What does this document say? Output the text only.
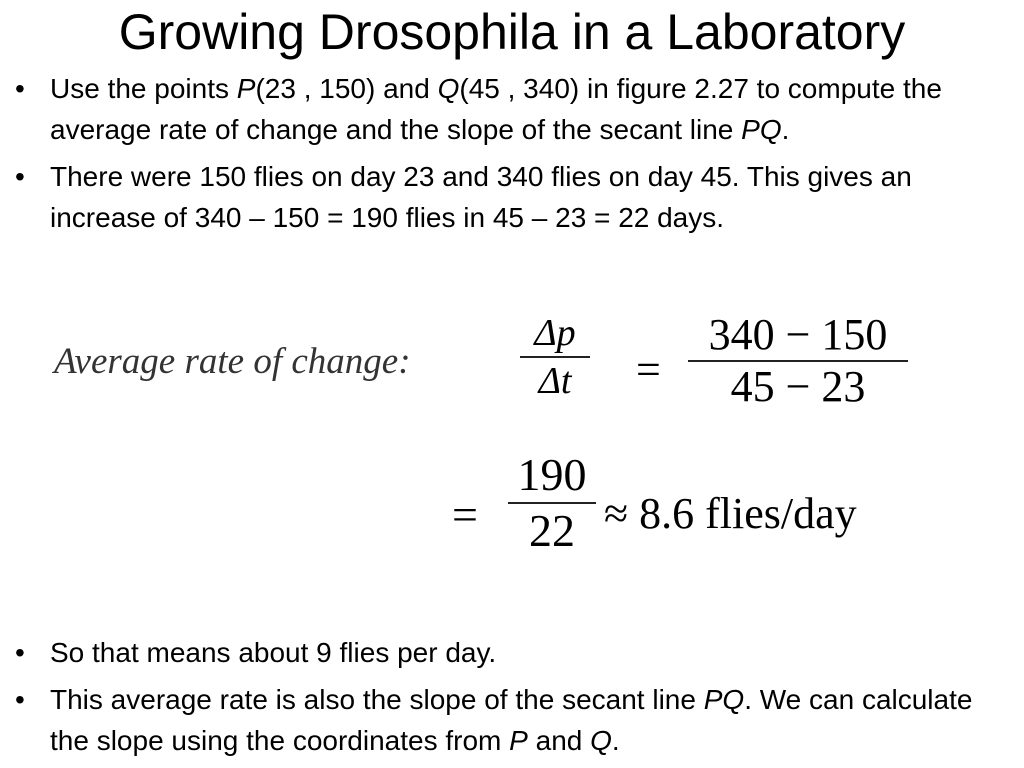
Growing Drosophila in a Laboratory
• Use the points P(23 , 150) and Q(45 , 340) in figure 2.27 to compute the average rate of change and the slope of the secant line PQ.
• There were 150 flies on day 23 and 340 flies on day 45. This gives an increase of 340 – 150 = 190 flies in 45 – 23 = 22 days.
Average rate of change:
Δp
Δt	=
340 − 150
45 − 23
=
190
22 ≈ 8.6 flies/day
• So that means about 9 flies per day.
• This average rate is also the slope of the secant line PQ. We can calculate the slope using the coordinates from P and Q.
